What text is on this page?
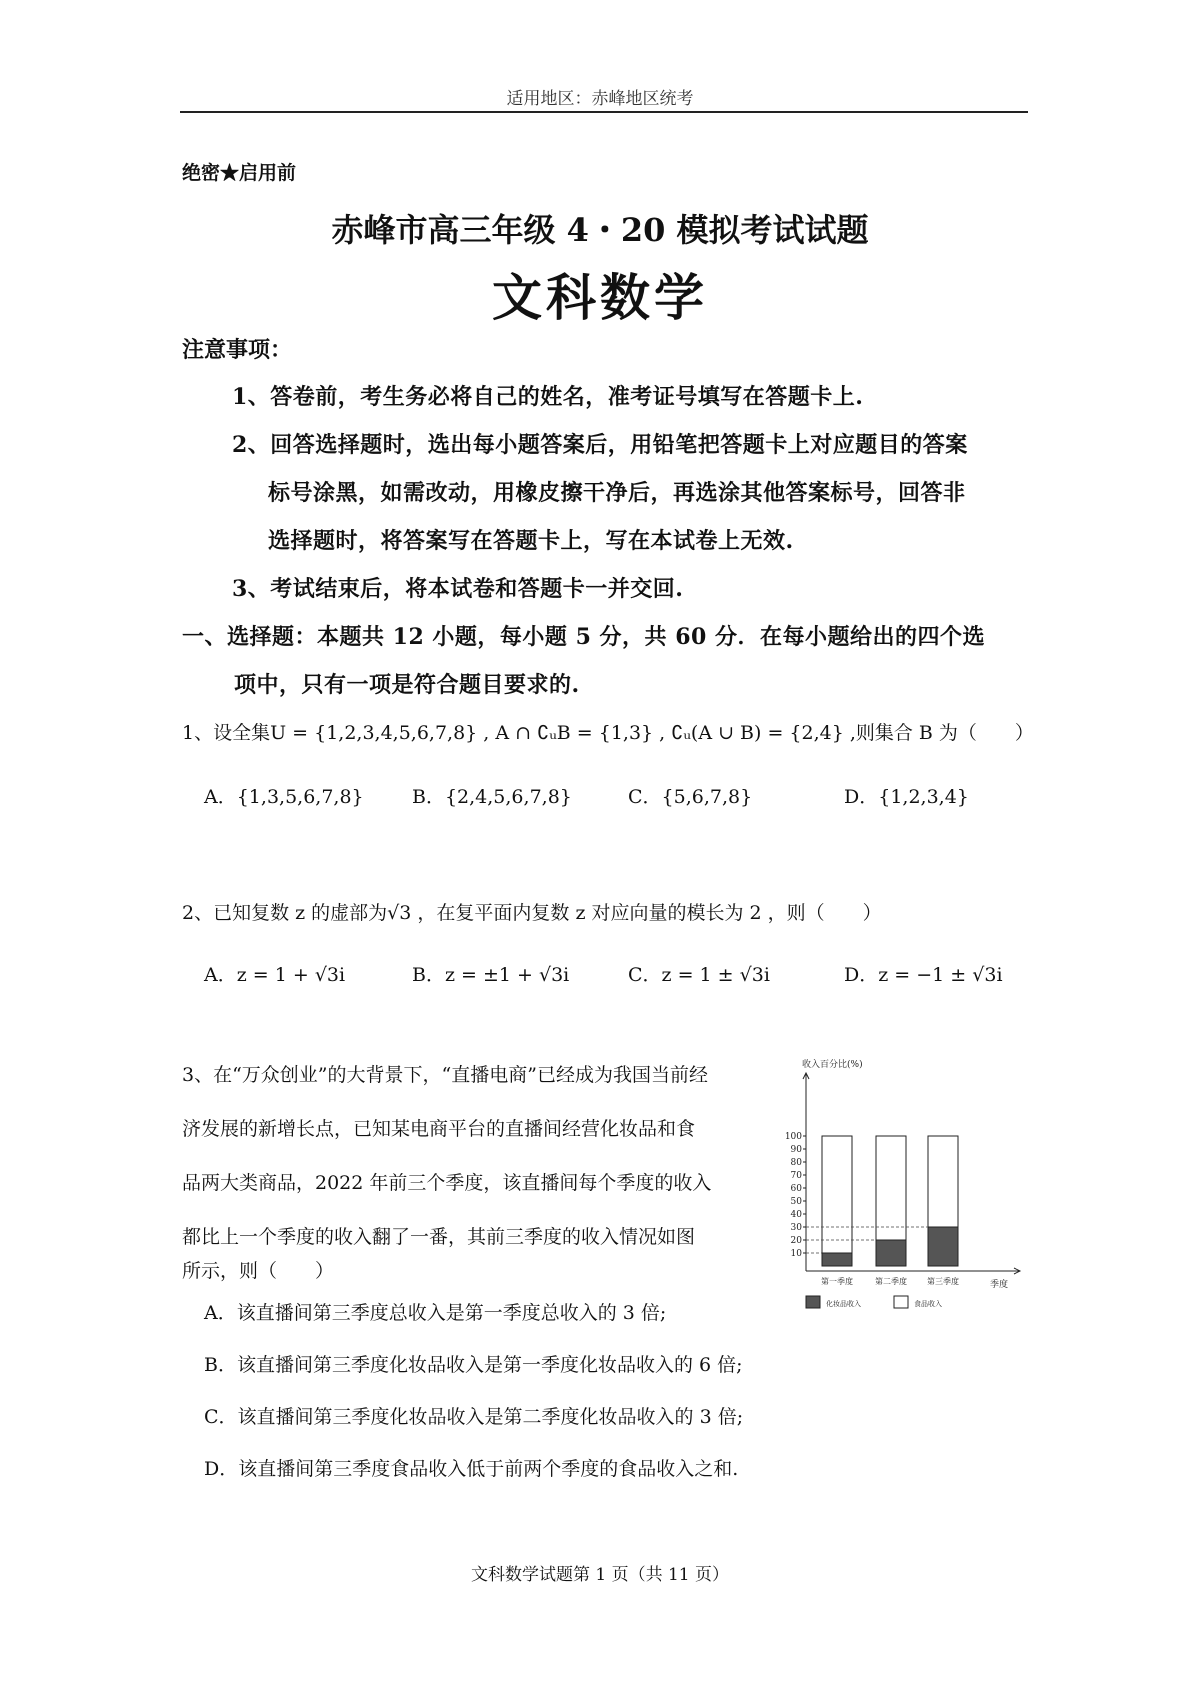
适用地区：赤峰地区统考
绝密★启用前
赤峰市高三年级 4・20 模拟考试试题
文科数学
注意事项：
1、答卷前，考生务必将自己的姓名，准考证号填写在答题卡上.
2、回答选择题时，选出每小题答案后，用铅笔把答题卡上对应题目的答案
标号涂黑，如需改动，用橡皮擦干净后，再选涂其他答案标号，回答非
选择题时，将答案写在答题卡上，写在本试卷上无效.
3、考试结束后，将本试卷和答题卡一并交回.
一、选择题：本题共 12 小题，每小题 5 分，共 60 分．在每小题给出的四个选
项中，只有一项是符合题目要求的.
1、设全集U = {1,2,3,4,5,6,7,8} , A ∩ ∁ᵤB = {1,3} , ∁ᵤ(A ∪ B) = {2,4} ,则集合 B 为（　　）
A．{1,3,5,6,7,8}	B．{2,4,5,6,7,8}	C．{5,6,7,8}	D．{1,2,3,4}
2、已知复数 z 的虚部为√3 ，在复平面内复数 z 对应向量的模长为 2 ，则（　　）
A．z = 1 + √3i	B．z = ±1 + √3i	C．z = 1 ± √3i	D．z = −1 ± √3i
3、在“万众创业”的大背景下，“直播电商”已经成为我国当前经
济发展的新增长点，已知某电商平台的直播间经营化妆品和食
品两大类商品，2022 年前三个季度，该直播间每个季度的收入
都比上一个季度的收入翻了一番，其前三季度的收入情况如图
所示，则（　　）
收入百分比(%)
季度
10
20
30
40
50
60
70
80
90
100
第一季度	第二季度	第三季度
化妆品收入	食品收入
A．该直播间第三季度总收入是第一季度总收入的 3 倍;
B．该直播间第三季度化妆品收入是第一季度化妆品收入的 6 倍;
C．该直播间第三季度化妆品收入是第二季度化妆品收入的 3 倍;
D．该直播间第三季度食品收入低于前两个季度的食品收入之和.
文科数学试题第 1 页（共 11 页）
